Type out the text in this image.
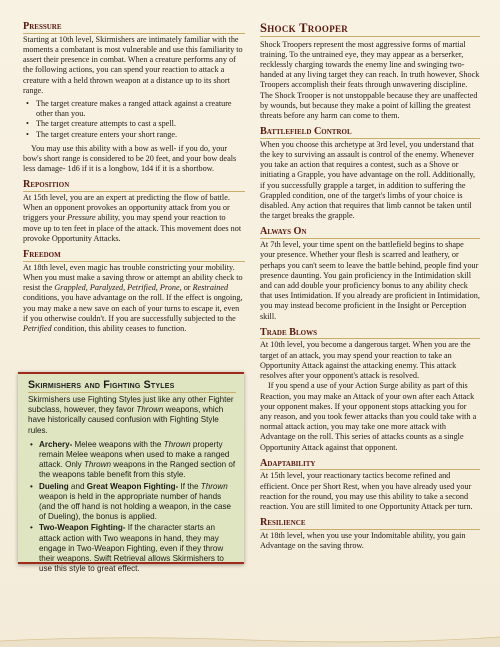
Pressure

Starting at 10th level, Skirmishers are intimately familiar with the moments a combatant is most vulnerable and use this familiarity to assert their presence in combat. When a creature performs any of the following actions, you can spend your reaction to attack a creature with a held thrown weapon at a distance up to its short range.

• The target creature makes a ranged attack against a creature other than you.
• The target creature attempts to cast a spell.
• The target creature enters your short range.

You may use this ability with a bow as well- if you do, your bow's short range is considered to be 20 feet, and your bow deals less damage- 1d6 if it is a longbow, 1d4 if it is a shortbow.

Reposition

At 15th level, you are an expert at predicting the flow of battle. When an opponent provokes an opportunity attack from you or triggers your Pressure ability, you may spend your reaction to move up to ten feet in place of the attack. This movement does not provoke Opportunity Attacks.

Freedom

At 18th level, even magic has trouble constricting your mobility. When you must make a saving throw or attempt an ability check to resist the Grappled, Paralyzed, Petrified, Prone, or Restrained conditions, you have advantage on the roll. If the effect is ongoing, you may make a new save on each of your turns to escape it, even if you otherwise couldn't. If you are successfully subjected to the Petrified condition, this ability ceases to function.

Skirmishers and Fighting Styles

Skirmishers use Fighting Styles just like any other Fighter subclass, however, they favor Thrown weapons, which have historically caused confusion with Fighting Style rules.

• Archery- Melee weapons with the Thrown property remain Melee weapons when used to make a ranged attack. Only Thrown weapons in the Ranged section of the weapons table benefit from this style.
• Dueling and Great Weapon Fighting- If the Thrown weapon is held in the appropriate number of hands (and the off hand is not holding a weapon, in the case of Dueling), the bonus is applied.
• Two-Weapon Fighting- If the character starts an attack action with Two weapons in hand, they may engage in Two-Weapon Fighting, even if they throw their weapons. Swift Retrieval allows Skirmishers to use this style to great effect.
Shock Trooper

Shock Troopers represent the most aggressive forms of martial training. To the untrained eye, they may appear as a berserker, recklessly charging towards the enemy line and swinging two-handed at any living target they can reach. In truth however, Shock Troopers accomplish their feats through unwavering discipline. The Shock Trooper is not unstoppable because they are unaffected by wounds, but because they make a point of killing the greatest threats before any harm can come to them.

Battlefield Control

When you choose this archetype at 3rd level, you understand that the key to surviving an assault is control of the enemy. Whenever you take an action that requires a contest, such as a Shove or initiating a Grapple, you have advantage on the roll. Additionally, if you successfully grapple a target, in addition to suffering the Grappled condition, one of the target's limbs of your choice is disabled. Any action that requires that limb cannot be taken until the target breaks the grapple.

Always On

At 7th level, your time spent on the battlefield begins to shape your presence. Whether your flesh is scarred and leathery, or perhaps you can't seem to leave the battle behind, people find your presence daunting. You gain proficiency in the Intimidation skill and can add double your proficiency bonus to any ability check that uses Intimidation. If you already are proficient in Intimidation, you may instead become proficient in the Insight or Perception skill.

Trade Blows

At 10th level, you become a dangerous target. When you are the target of an attack, you may spend your reaction to take an Opportunity Attack against the attacking enemy. This attack resolves after your opponent's attack is resolved.

If you spend a use of your Action Surge ability as part of this Reaction, you may make an Attack of your own after each Attack your opponent makes. If your opponent stops attacking you for any reason, and you took fewer attacks than you could take with a normal attack action, you may take one more attack with Advantage on the roll. This series of attacks counts as a single Opportunity Attack against that opponent.

Adaptability

At 15th level, your reactionary tactics become refined and efficient. Once per Short Rest, when you have already used your reaction for the round, you may use this ability to take a second reaction. You are still limited to one Opportunity Attack per turn.

Resilience

At 18th level, when you use your Indomitable ability, you gain Advantage on the saving throw.
